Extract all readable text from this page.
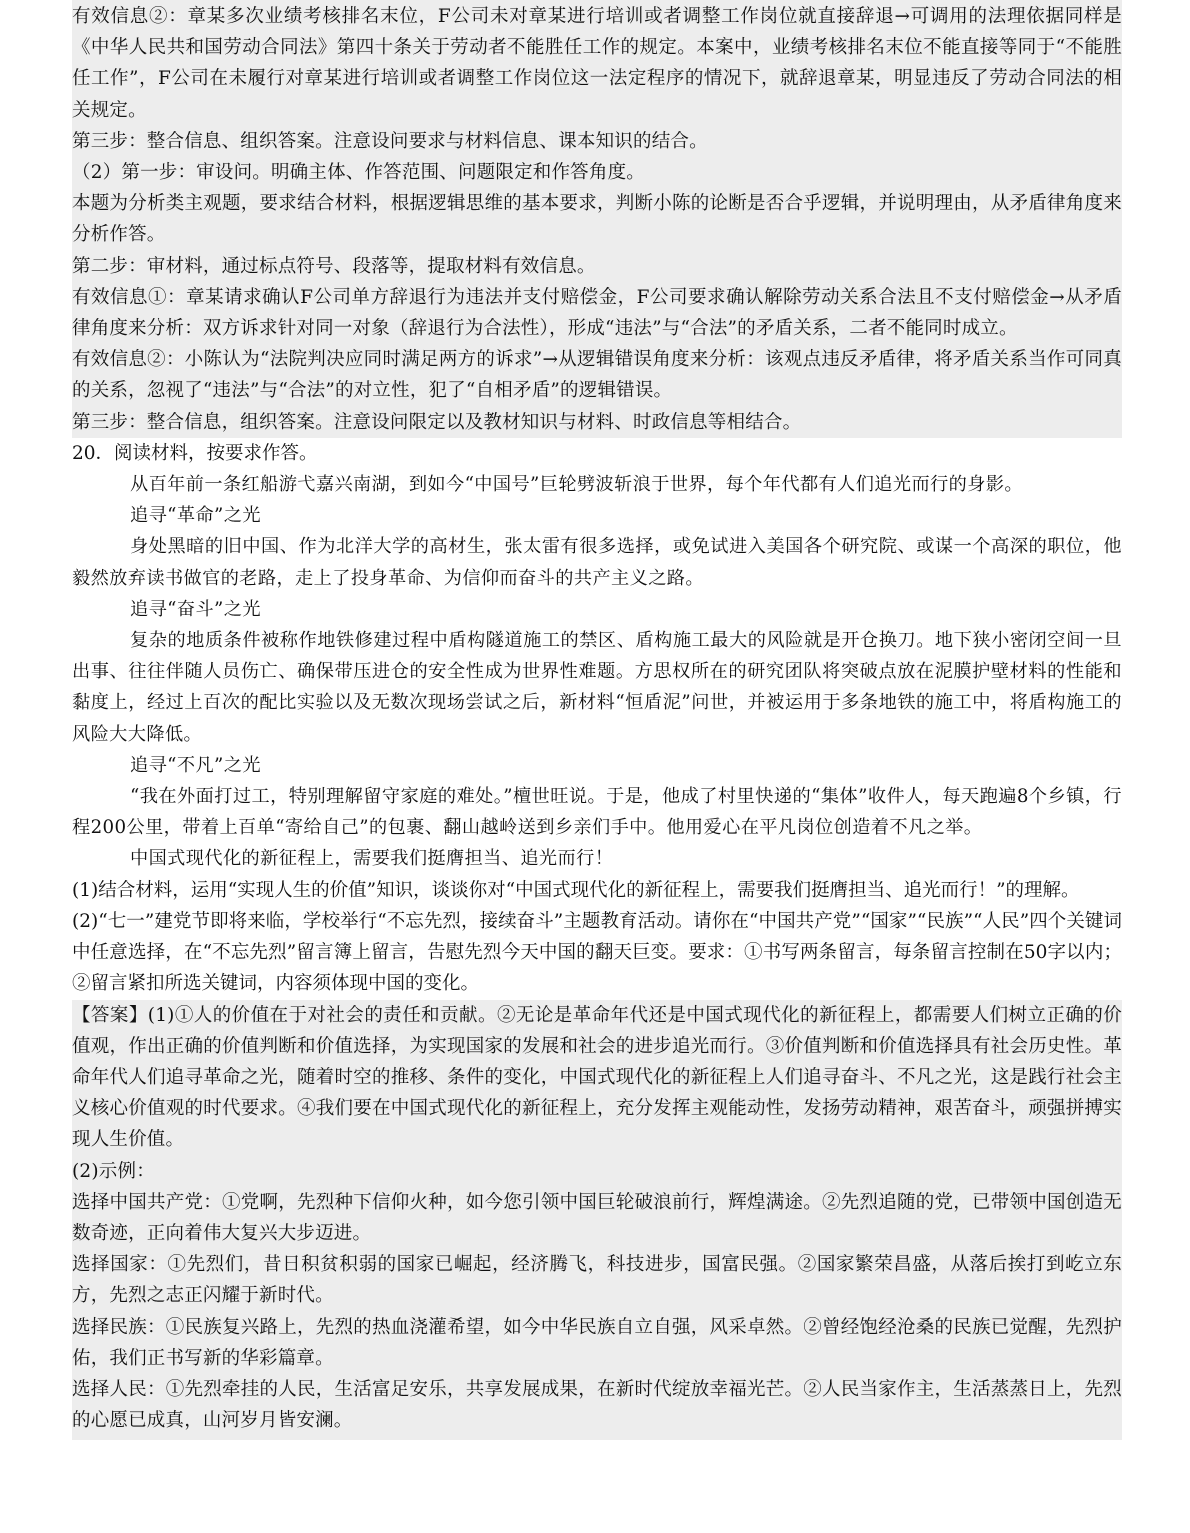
有效信息②：章某多次业绩考核排名末位，F公司未对章某进行培训或者调整工作岗位就直接辞退→可调用的法理依据同样是《中华人民共和国劳动合同法》第四十条关于劳动者不能胜任工作的规定。本案中，业绩考核排名末位不能直接等同于“不能胜任工作”，F公司在未履行对章某进行培训或者调整工作岗位这一法定程序的情况下，就辞退章某，明显违反了劳动合同法的相关规定。
第三步：整合信息、组织答案。注意设问要求与材料信息、课本知识的结合。
（2）第一步：审设问。明确主体、作答范围、问题限定和作答角度。
本题为分析类主观题，要求结合材料，根据逻辑思维的基本要求，判断小陈的论断是否合乎逻辑，并说明理由，从矛盾律角度来分析作答。
第二步：审材料，通过标点符号、段落等，提取材料有效信息。
有效信息①：章某请求确认F公司单方辞退行为违法并支付赔偿金，F公司要求确认解除劳动关系合法且不支付赔偿金→从矛盾律角度来分析：双方诉求针对同一对象（辞退行为合法性），形成“违法”与“合法”的矛盾关系，二者不能同时成立。
有效信息②：小陈认为“法院判决应同时满足两方的诉求”→从逻辑错误角度来分析：该观点违反矛盾律，将矛盾关系当作可同真的关系，忽视了“违法”与“合法”的对立性，犯了“自相矛盾”的逻辑错误。
第三步：整合信息，组织答案。注意设问限定以及教材知识与材料、时政信息等相结合。
20．阅读材料，按要求作答。
从百年前一条红船游弋嘉兴南湖，到如今“中国号”巨轮劈波斩浪于世界，每个年代都有人们追光而行的身影。
追寻“革命”之光
身处黑暗的旧中国、作为北洋大学的高材生，张太雷有很多选择，或免试进入美国各个研究院、或谋一个高深的职位，他毅然放弃读书做官的老路，走上了投身革命、为信仰而奋斗的共产主义之路。
追寻“奋斗”之光
复杂的地质条件被称作地铁修建过程中盾构隧道施工的禁区、盾构施工最大的风险就是开仓换刀。地下狭小密闭空间一旦出事、往往伴随人员伤亡、确保带压进仓的安全性成为世界性难题。方思权所在的研究团队将突破点放在泥膜护壁材料的性能和黏度上，经过上百次的配比实验以及无数次现场尝试之后，新材料“恒盾泥”问世，并被运用于多条地铁的施工中，将盾构施工的风险大大降低。
追寻“不凡”之光
“我在外面打过工，特别理解留守家庭的难处。”檀世旺说。于是，他成了村里快递的“集体”收件人，每天跑遍8个乡镇，行程200公里，带着上百单“寄给自己”的包裹、翻山越岭送到乡亲们手中。他用爱心在平凡岗位创造着不凡之举。
中国式现代化的新征程上，需要我们挺膺担当、追光而行！
(1)结合材料，运用“实现人生的价值”知识，谈谈你对“中国式现代化的新征程上，需要我们挺膺担当、追光而行！”的理解。
(2)“七一”建党节即将来临，学校举行“不忘先烈，接续奋斗”主题教育活动。请你在“中国共产党”“国家”“民族”“人民”四个关键词中任意选择，在“不忘先烈”留言簿上留言，告慰先烈今天中国的翻天巨变。要求：①书写两条留言，每条留言控制在50字以内；②留言紧扣所选关键词，内容须体现中国的变化。
【答案】(1)①人的价值在于对社会的责任和贡献。②无论是革命年代还是中国式现代化的新征程上，都需要人们树立正确的价值观，作出正确的价值判断和价值选择，为实现国家的发展和社会的进步追光而行。③价值判断和价值选择具有社会历史性。革命年代人们追寻革命之光，随着时空的推移、条件的变化，中国式现代化的新征程上人们追寻奋斗、不凡之光，这是践行社会主义核心价值观的时代要求。④我们要在中国式现代化的新征程上，充分发挥主观能动性，发扬劳动精神，艰苦奋斗，顽强拼搏实现人生价值。
(2)示例：
选择中国共产党：①党啊，先烈种下信仰火种，如今您引领中国巨轮破浪前行，辉煌满途。②先烈追随的党，已带领中国创造无数奇迹，正向着伟大复兴大步迈进。
选择国家：①先烈们，昔日积贫积弱的国家已崛起，经济腾飞，科技进步，国富民强。②国家繁荣昌盛，从落后挨打到屹立东方，先烈之志正闪耀于新时代。
选择民族：①民族复兴路上，先烈的热血浇灌希望，如今中华民族自立自强，风采卓然。②曾经饱经沧桑的民族已觉醒，先烈护佑，我们正书写新的华彩篇章。
选择人民：①先烈牵挂的人民，生活富足安乐，共享发展成果，在新时代绽放幸福光芒。②人民当家作主，生活蒸蒸日上，先烈的心愿已成真，山河岁月皆安澜。
